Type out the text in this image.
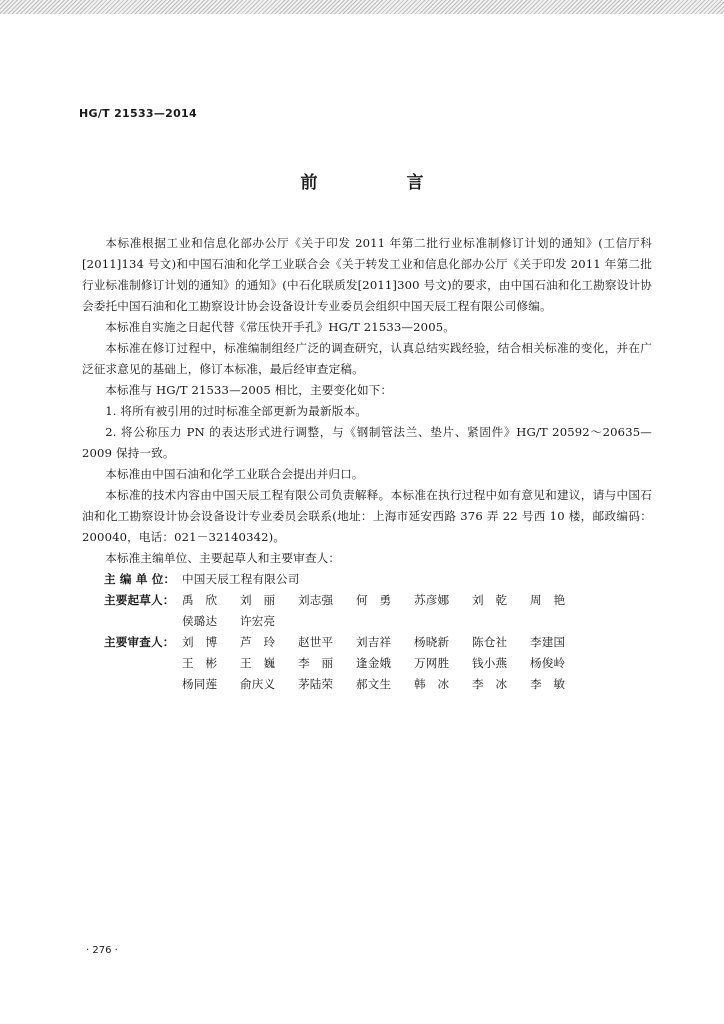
HG/T 21533—2014
前　言

本标准根据工业和信息化部办公厅《关于印发 2011 年第二批行业标准制修订计划的通知》(工信厅科[2011]134 号文)和中国石油和化学工业联合会《关于转发工业和信息化部办公厅《关于印发 2011 年第二批行业标准制修订计划的通知》的通知》(中石化联质发[2011]300 号文)的要求，由中国石油和化工勘察设计协会委托中国石油和化工勘察设计协会设备设计专业委员会组织中国天辰工程有限公司修编。

本标准自实施之日起代替《常压快开手孔》HG/T 21533—2005。

本标准在修订过程中，标准编制组经广泛的调查研究，认真总结实践经验，结合相关标准的变化，并在广泛征求意见的基础上，修订本标准，最后经审查定稿。

本标准与 HG/T 21533—2005 相比，主要变化如下：

1. 将所有被引用的过时标准全部更新为最新版本。

2. 将公称压力 PN 的表达形式进行调整，与《钢制管法兰、垫片、紧固件》HG/T 20592～20635—2009 保持一致。

本标准由中国石油和化学工业联合会提出并归口。

本标准的技术内容由中国天辰工程有限公司负责解释。本标准在执行过程中如有意见和建议，请与中国石油和化工勘察设计协会设备设计专业委员会联系(地址：上海市延安西路 376 弄 22 号西 10 楼，邮政编码：200040，电话：021－32140342)。

本标准主编单位、主要起草人和主要审查人：

主 编 单 位： 中国天辰工程有限公司
主要起草人： 禹　欣	刘　丽	刘志强	何　勇	苏彦娜	刘　乾	周　艳
侯璐达	许宏亮
主要审查人： 刘　博	芦　玲	赵世平	刘吉祥	杨晓新	陈仓社	李建国
王　彬	王　巍	李　丽	逢金娥	万网胜	钱小燕	杨俊岭
杨同莲	俞庆义	茅陆荣	郝文生	韩　冰	李　冰	李　敏
· 276 ·
